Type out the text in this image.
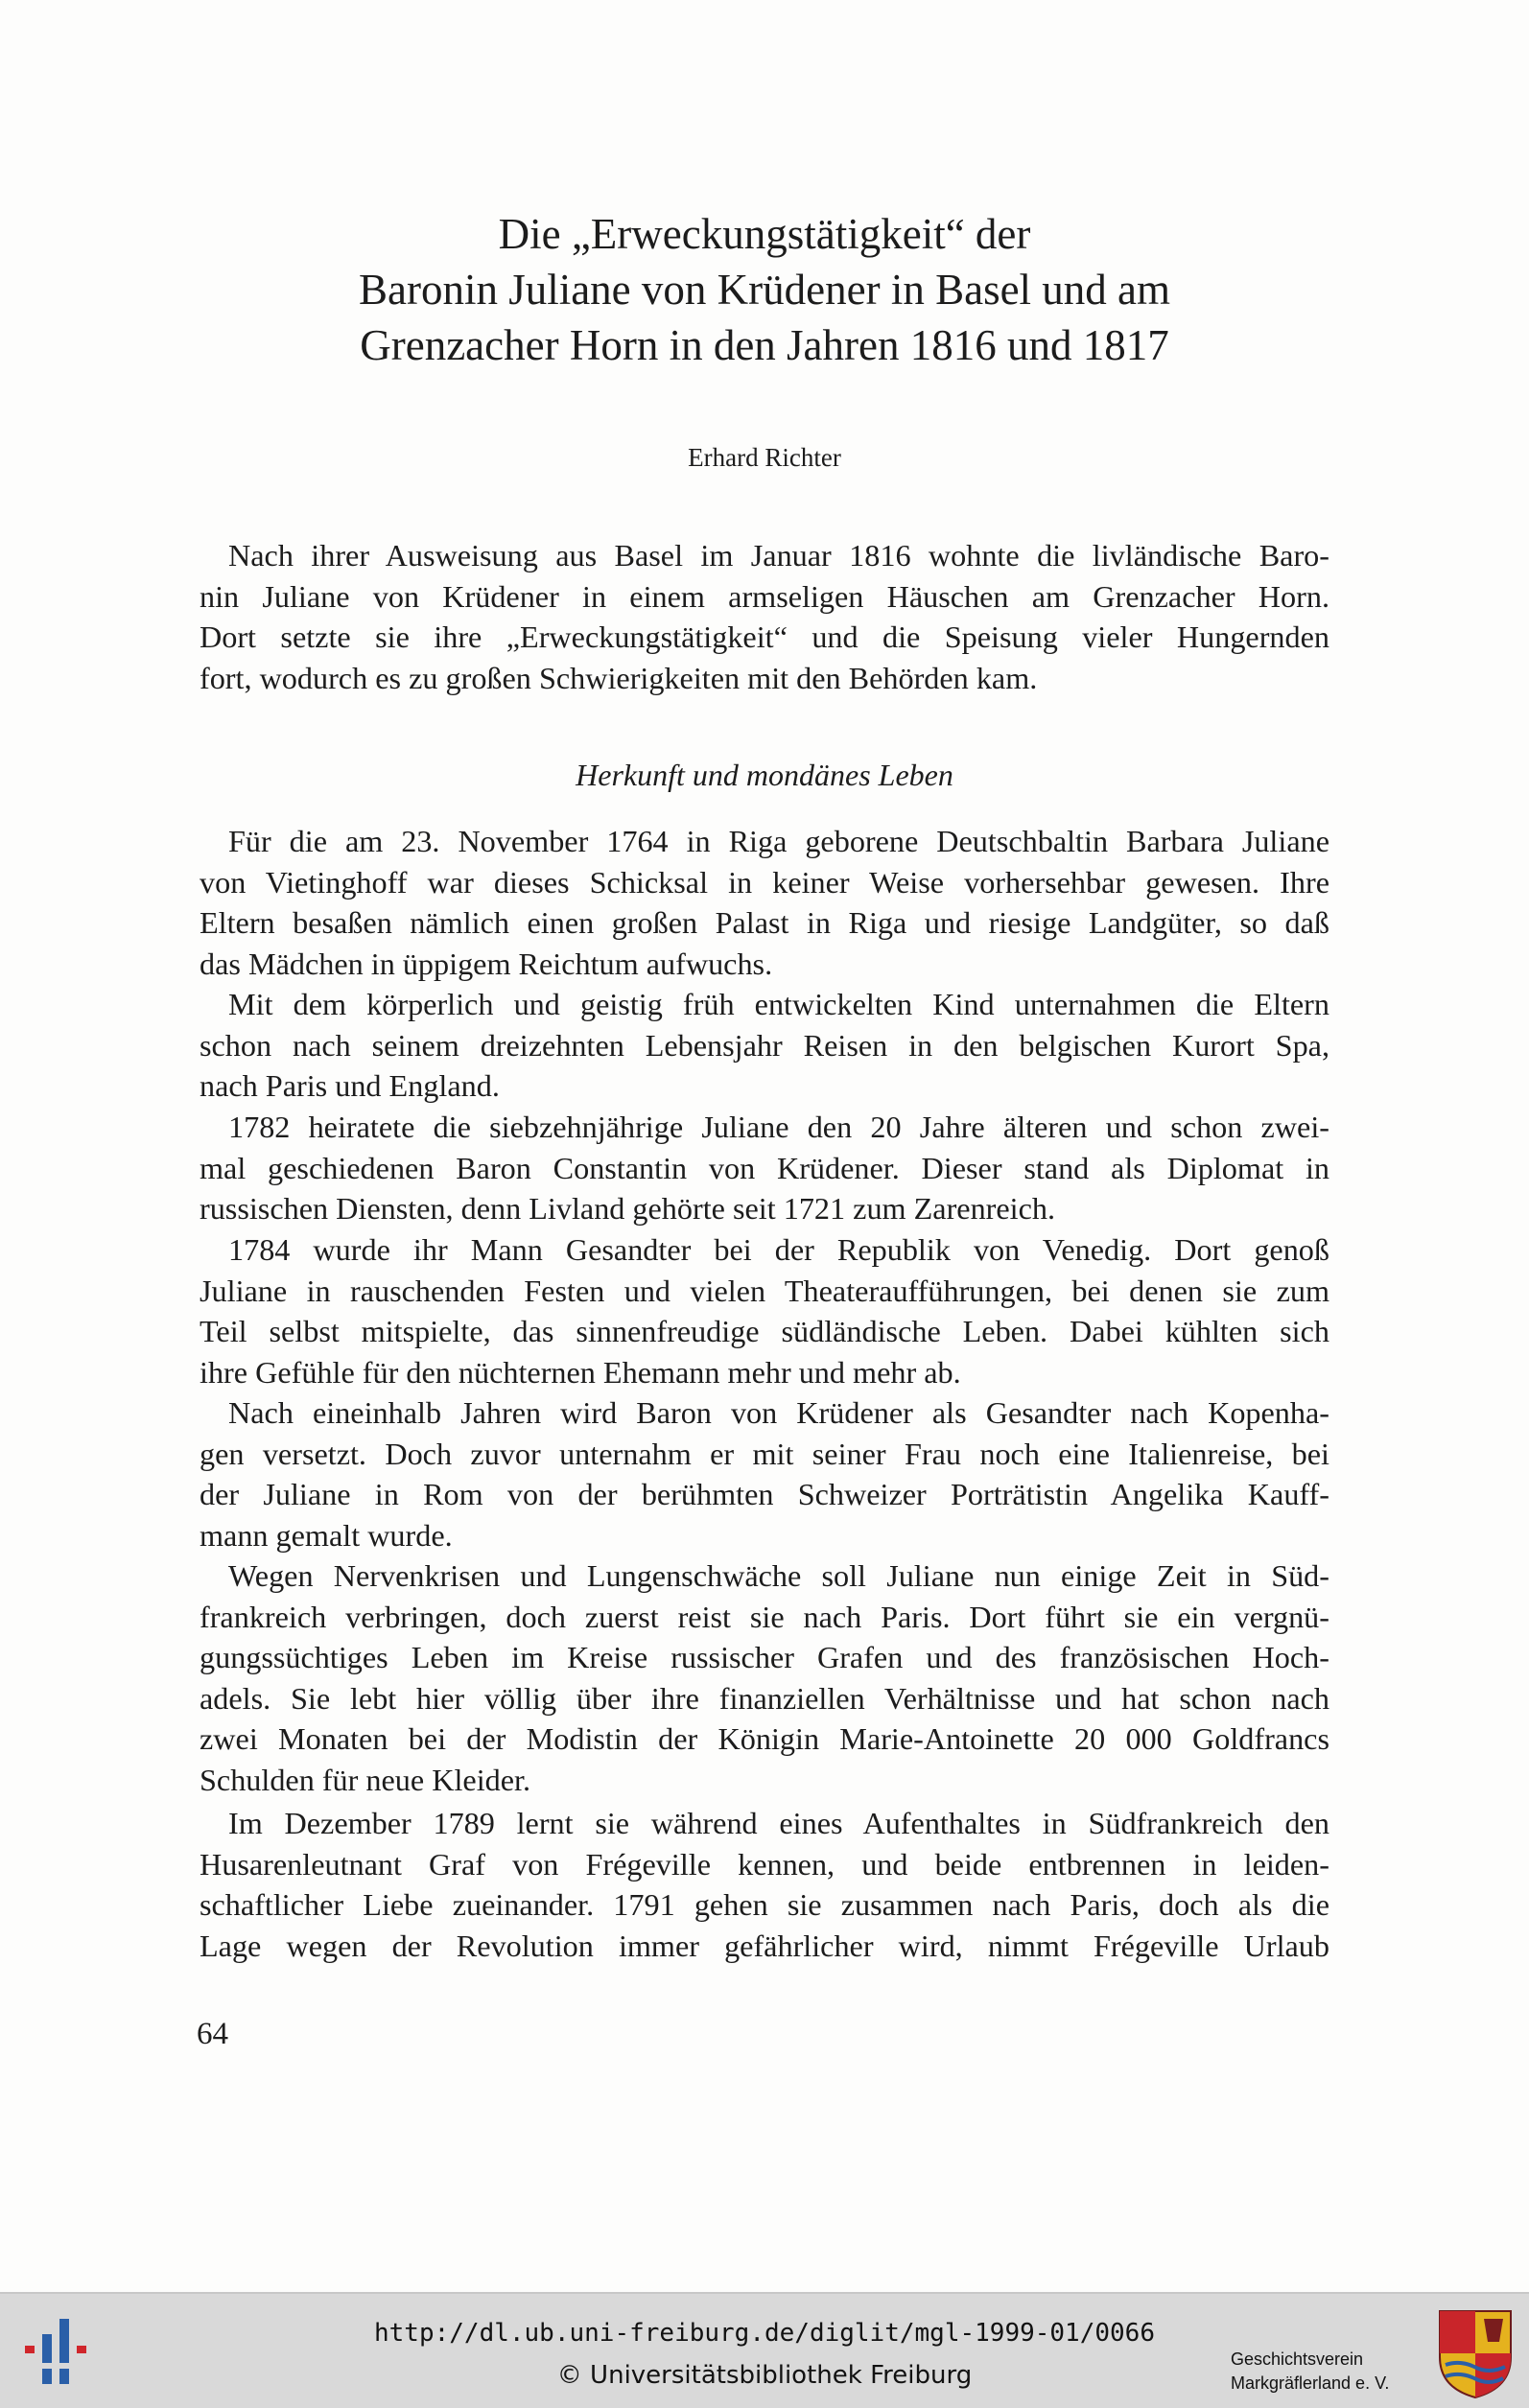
Die „Erweckungstätigkeit“ der
Baronin Juliane von Krüdener in Basel und am
Grenzacher Horn in den Jahren 1816 und 1817
Erhard Richter
Nach ihrer Ausweisung aus Basel im Januar 1816 wohnte die livländische Baro-
nin Juliane von Krüdener in einem armseligen Häuschen am Grenzacher Horn.
Dort setzte sie ihre „Erweckungstätigkeit“ und die Speisung vieler Hungernden
fort, wodurch es zu großen Schwierigkeiten mit den Behörden kam.
Herkunft und mondänes Leben
Für die am 23. November 1764 in Riga geborene Deutschbaltin Barbara Juliane
von Vietinghoff war dieses Schicksal in keiner Weise vorhersehbar gewesen. Ihre
Eltern besaßen nämlich einen großen Palast in Riga und riesige Landgüter, so daß
das Mädchen in üppigem Reichtum aufwuchs.
Mit dem körperlich und geistig früh entwickelten Kind unternahmen die Eltern
schon nach seinem dreizehnten Lebensjahr Reisen in den belgischen Kurort Spa,
nach Paris und England.
1782 heiratete die siebzehnjährige Juliane den 20 Jahre älteren und schon zwei-
mal geschiedenen Baron Constantin von Krüdener. Dieser stand als Diplomat in
russischen Diensten, denn Livland gehörte seit 1721 zum Zarenreich.
1784 wurde ihr Mann Gesandter bei der Republik von Venedig. Dort genoß
Juliane in rauschenden Festen und vielen Theateraufführungen, bei denen sie zum
Teil selbst mitspielte, das sinnenfreudige südländische Leben. Dabei kühlten sich
ihre Gefühle für den nüchternen Ehemann mehr und mehr ab.
Nach eineinhalb Jahren wird Baron von Krüdener als Gesandter nach Kopenha-
gen versetzt. Doch zuvor unternahm er mit seiner Frau noch eine Italienreise, bei
der Juliane in Rom von der berühmten Schweizer Porträtistin Angelika Kauff-
mann gemalt wurde.
Wegen Nervenkrisen und Lungenschwäche soll Juliane nun einige Zeit in Süd-
frankreich verbringen, doch zuerst reist sie nach Paris. Dort führt sie ein vergnü-
gungssüchtiges Leben im Kreise russischer Grafen und des französischen Hoch-
adels. Sie lebt hier völlig über ihre finanziellen Verhältnisse und hat schon nach
zwei Monaten bei der Modistin der Königin Marie-Antoinette 20 000 Goldfrancs
Schulden für neue Kleider.
Im Dezember 1789 lernt sie während eines Aufenthaltes in Südfrankreich den
Husarenleutnant Graf von Frégeville kennen, und beide entbrennen in leiden-
schaftlicher Liebe zueinander. 1791 gehen sie zusammen nach Paris, doch als die
Lage wegen der Revolution immer gefährlicher wird, nimmt Frégeville Urlaub
64
http://dl.ub.uni-freiburg.de/diglit/mgl-1999-01/0066
© Universitätsbibliothek Freiburg
Geschichtsverein
Markgräflerland e. V.
